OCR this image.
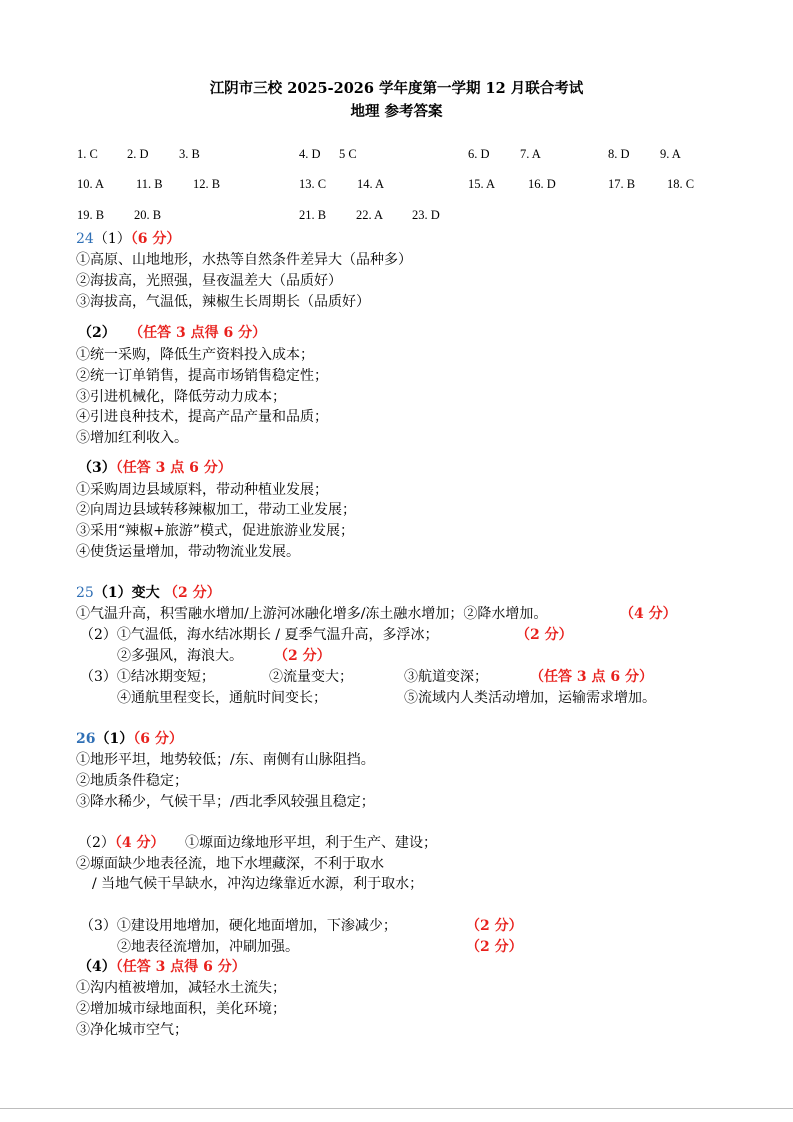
江阴市三校 2025-2026 学年度第一学期 12 月联合考试
地理 参考答案
1. C 2. D 3. B	4. D 5 C	6. D 7. A	8. D 9. A
10. A	11. B 12. B	13. C 14. A	15. A	16. D	17. B	18. C
19. B 20. B	21. B 22. A 23. D
24（1）（6 分）
①高原、山地地形，水热等自然条件差异大（品种多）
②海拔高，光照强，昼夜温差大（品质好）
③海拔高，气温低，辣椒生长周期长（品质好）
（2） （任答 3 点得 6 分）
①统一采购，降低生产资料投入成本；
②统一订单销售，提高市场销售稳定性；
③引进机械化，降低劳动力成本；
④引进良种技术，提高产品产量和品质；
⑤增加红利收入。
（3）（任答 3 点 6 分）
①采购周边县域原料，带动种植业发展；
②向周边县域转移辣椒加工，带动工业发展；
③采用“辣椒+旅游”模式，促进旅游业发展；
④使货运量增加，带动物流业发展。
25（1）变大 （2 分）
①气温升高，积雪融水增加/上游河冰融化增多/冻土融水增加；②降水增加。	（4 分）
（2）①气温低，海水结冰期长 / 夏季气温升高，多浮冰；	（2 分）
②多强风，海浪大。 （2 分）
（3）①结冰期变短；	②流量变大；	③航道变深；	（任答 3 点 6 分）
④通航里程变长，通航时间变长；	⑤流域内人类活动增加，运输需求增加。
26（1）（6 分）
①地形平坦，地势较低；/东、南侧有山脉阻挡。
②地质条件稳定；
③降水稀少，气候干旱；/西北季风较强且稳定；
（2）（4 分） ①塬面边缘地形平坦，利于生产、建设；
②塬面缺少地表径流，地下水埋藏深，不利于取水
/ 当地气候干旱缺水，冲沟边缘靠近水源，利于取水；
（3）①建设用地增加，硬化地面增加，下渗减少；	（2 分）
②地表径流增加，冲刷加强。	（2 分）
（4）（任答 3 点得 6 分）
①沟内植被增加，减轻水土流失；
②增加城市绿地面积，美化环境；
③净化城市空气；
